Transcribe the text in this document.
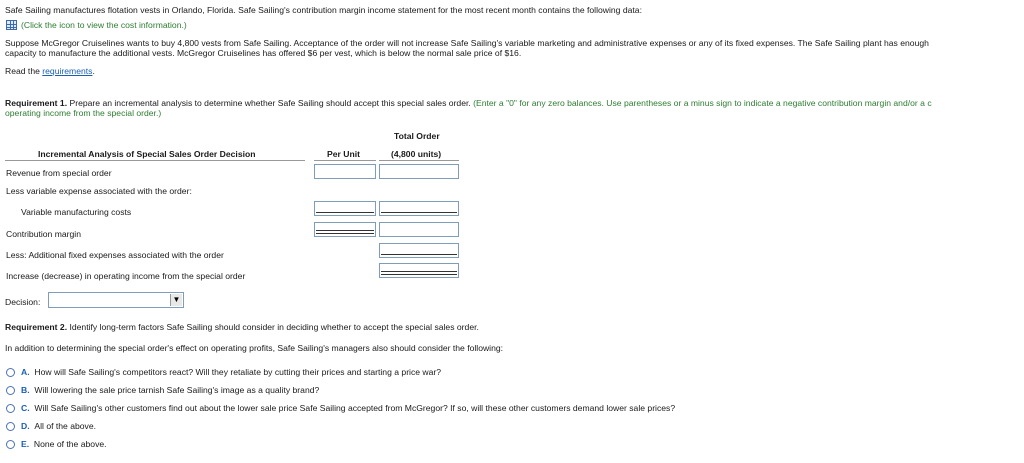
Safe Sailing manufactures flotation vests in Orlando, Florida. Safe Sailing's contribution margin income statement for the most recent month contains the following data:
(Click the icon to view the cost information.)
Suppose McGregor Cruiselines wants to buy 4,800 vests from Safe Sailing. Acceptance of the order will not increase Safe Sailing's variable marketing and administrative expenses or any of its fixed expenses. The Safe Sailing plant has enough
capacity to manufacture the additional vests. McGregor Cruiselines has offered $6 per vest, which is below the normal sale price of $16.
Read the requirements.
Requirement 1. Prepare an incremental analysis to determine whether Safe Sailing should accept this special sales order. (Enter a "0" for any zero balances. Use parentheses or a minus sign to indicate a negative contribution margin and/or a c
operating income from the special order.)
Total Order
Incremental Analysis of Special Sales Order Decision	Per Unit	(4,800 units)
Revenue from special order
Less variable expense associated with the order:
Variable manufacturing costs
Contribution margin
Less: Additional fixed expenses associated with the order
Increase (decrease) in operating income from the special order
Decision:	▼
Requirement 2. Identify long-term factors Safe Sailing should consider in deciding whether to accept the special sales order.
In addition to determining the special order's effect on operating profits, Safe Sailing's managers also should consider the following:
A. How will Safe Sailing's competitors react? Will they retaliate by cutting their prices and starting a price war?
B. Will lowering the sale price tarnish Safe Sailing's image as a quality brand?
C. Will Safe Sailing's other customers find out about the lower sale price Safe Sailing accepted from McGregor? If so, will these other customers demand lower sale prices?
D. All of the above.
E. None of the above.
